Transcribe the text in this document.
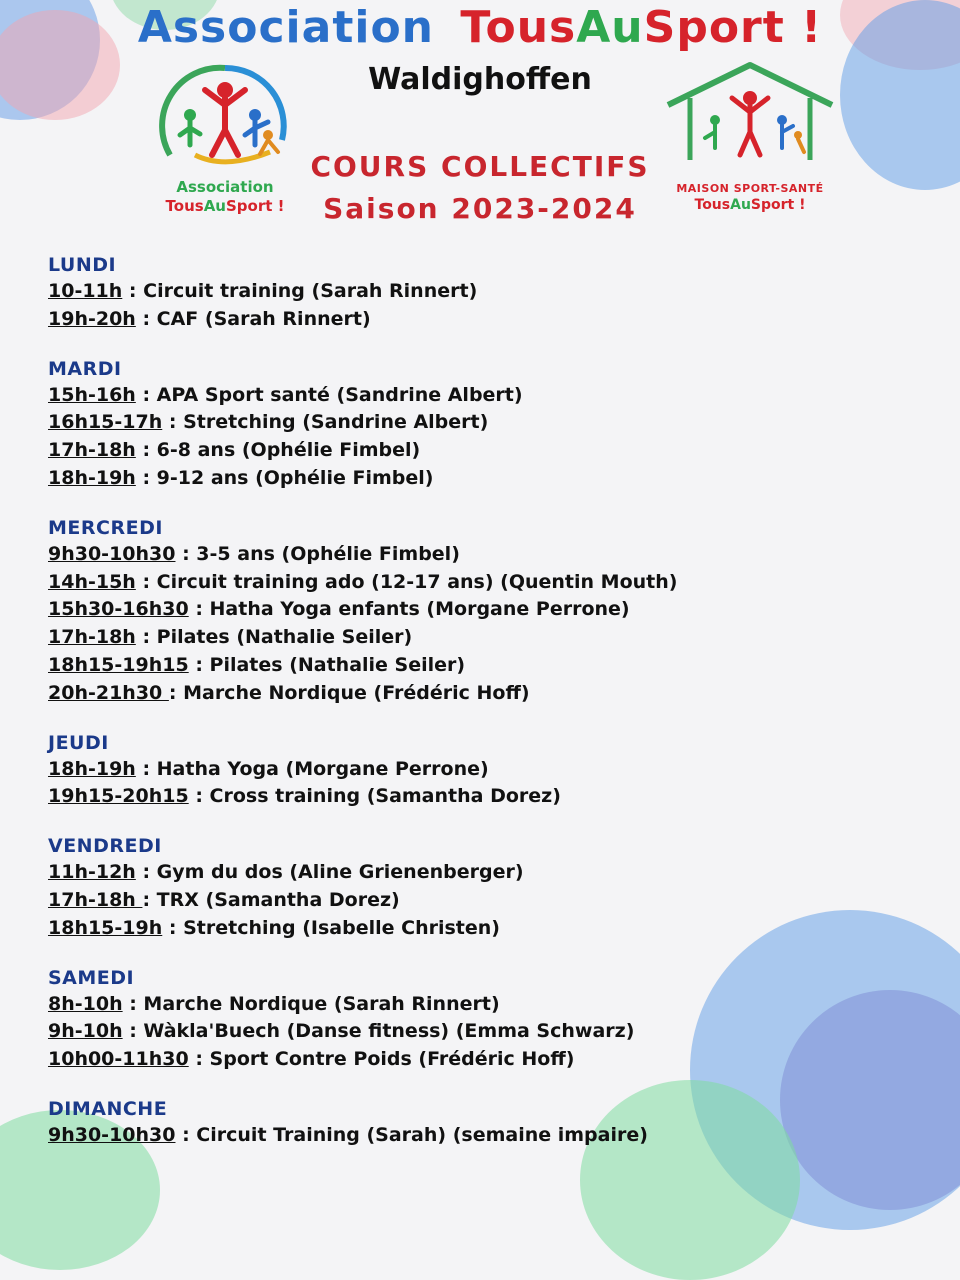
Association TousAuSport !
Waldighoffen
Association
TousAuSport !
COURS COLLECTIFS
Saison 2023-2024
MAISON SPORT-SANTÉ
TousAuSport !
LUNDI
10-11h : Circuit training (Sarah Rinnert)
19h-20h : CAF (Sarah Rinnert)
MARDI
15h-16h : APA Sport santé (Sandrine Albert)
16h15-17h : Stretching (Sandrine Albert)
17h-18h : 6-8 ans (Ophélie Fimbel)
18h-19h : 9-12 ans (Ophélie Fimbel)
MERCREDI
9h30-10h30 : 3-5 ans (Ophélie Fimbel)
14h-15h : Circuit training ado (12-17 ans) (Quentin Mouth)
15h30-16h30 : Hatha Yoga enfants (Morgane Perrone)
17h-18h : Pilates (Nathalie Seiler)
18h15-19h15 : Pilates (Nathalie Seiler)
20h-21h30 : Marche Nordique (Frédéric Hoff)
JEUDI
18h-19h : Hatha Yoga (Morgane Perrone)
19h15-20h15 : Cross training (Samantha Dorez)
VENDREDI
11h-12h : Gym du dos (Aline Grienenberger)
17h-18h : TRX (Samantha Dorez)
18h15-19h : Stretching (Isabelle Christen)
SAMEDI
8h-10h : Marche Nordique (Sarah Rinnert)
9h-10h : Wàkla'Buech (Danse fitness) (Emma Schwarz)
10h00-11h30 : Sport Contre Poids (Frédéric Hoff)
DIMANCHE
9h30-10h30 : Circuit Training (Sarah) (semaine impaire)
